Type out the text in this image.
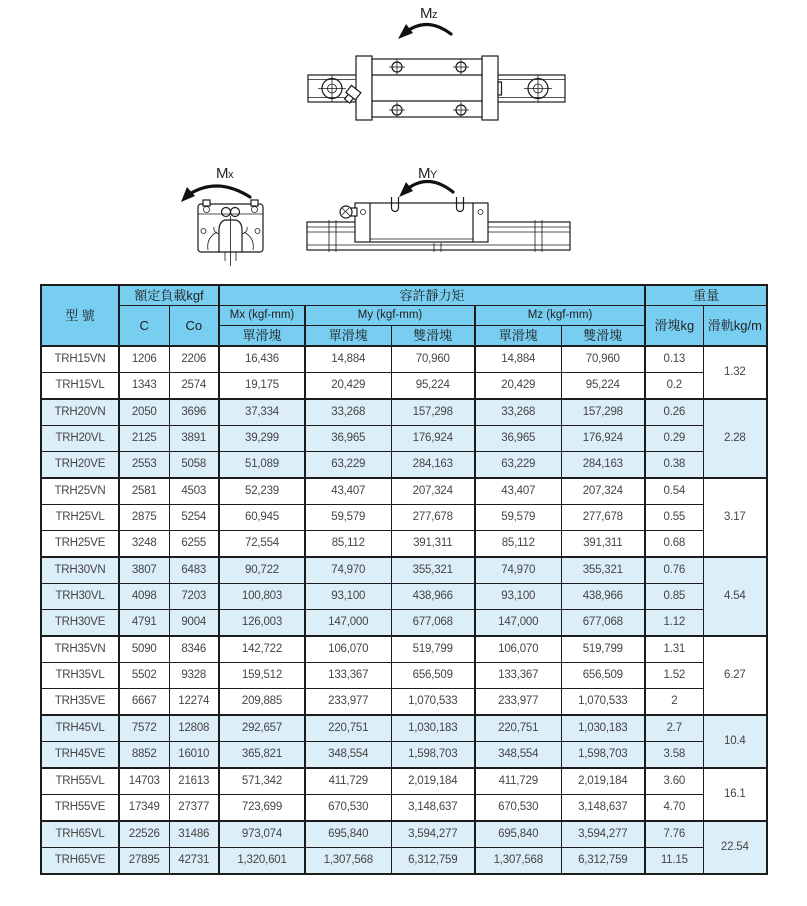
M z
M x	M Y
型 號	額定負載kgf		容許靜力矩					重量	
	C	Co	Mx (kgf-mm)	My (kgf-mm)		Mz (kgf-mm)		滑塊kg	滑軌kg/m
			單滑塊	單滑塊	雙滑塊	單滑塊	雙滑塊		
TRH15VN	1206	2206	16,436	14,884	70,960	14,884	70,960	0.13	1.32
TRH15VL	1343	2574	19,175	20,429	95,224	20,429	95,224	0.2	
TRH20VN	2050	3696	37,334	33,268	157,298	33,268	157,298	0.26	2.28
TRH20VL	2125	3891	39,299	36,965	176,924	36,965	176,924	0.29	
TRH20VE	2553	5058	51,089	63,229	284,163	63,229	284,163	0.38	
TRH25VN	2581	4503	52,239	43,407	207,324	43,407	207,324	0.54	3.17
TRH25VL	2875	5254	60,945	59,579	277,678	59,579	277,678	0.55	
TRH25VE	3248	6255	72,554	85,112	391,311	85,112	391,311	0.68	
TRH30VN	3807	6483	90,722	74,970	355,321	74,970	355,321	0.76	4.54
TRH30VL	4098	7203	100,803	93,100	438,966	93,100	438,966	0.85	
TRH30VE	4791	9004	126,003	147,000	677,068	147,000	677,068	1.12	
TRH35VN	5090	8346	142,722	106,070	519,799	106,070	519,799	1.31	6.27
TRH35VL	5502	9328	159,512	133,367	656,509	133,367	656,509	1.52	
TRH35VE	6667	12274	209,885	233,977	1,070,533	233,977	1,070,533	2	
TRH45VL	7572	12808	292,657	220,751	1,030,183	220,751	1,030,183	2.7	10.4
TRH45VE	8852	16010	365,821	348,554	1,598,703	348,554	1,598,703	3.58	
TRH55VL	14703	21613	571,342	411,729	2,019,184	411,729	2,019,184	3.60	16.1
TRH55VE	17349	27377	723,699	670,530	3,148,637	670,530	3,148,637	4.70	
TRH65VL	22526	31486	973,074	695,840	3,594,277	695,840	3,594,277	7.76	22.54
TRH65VE	27895	42731	1,320,601	1,307,568	6,312,759	1,307,568	6,312,759	11.15	
